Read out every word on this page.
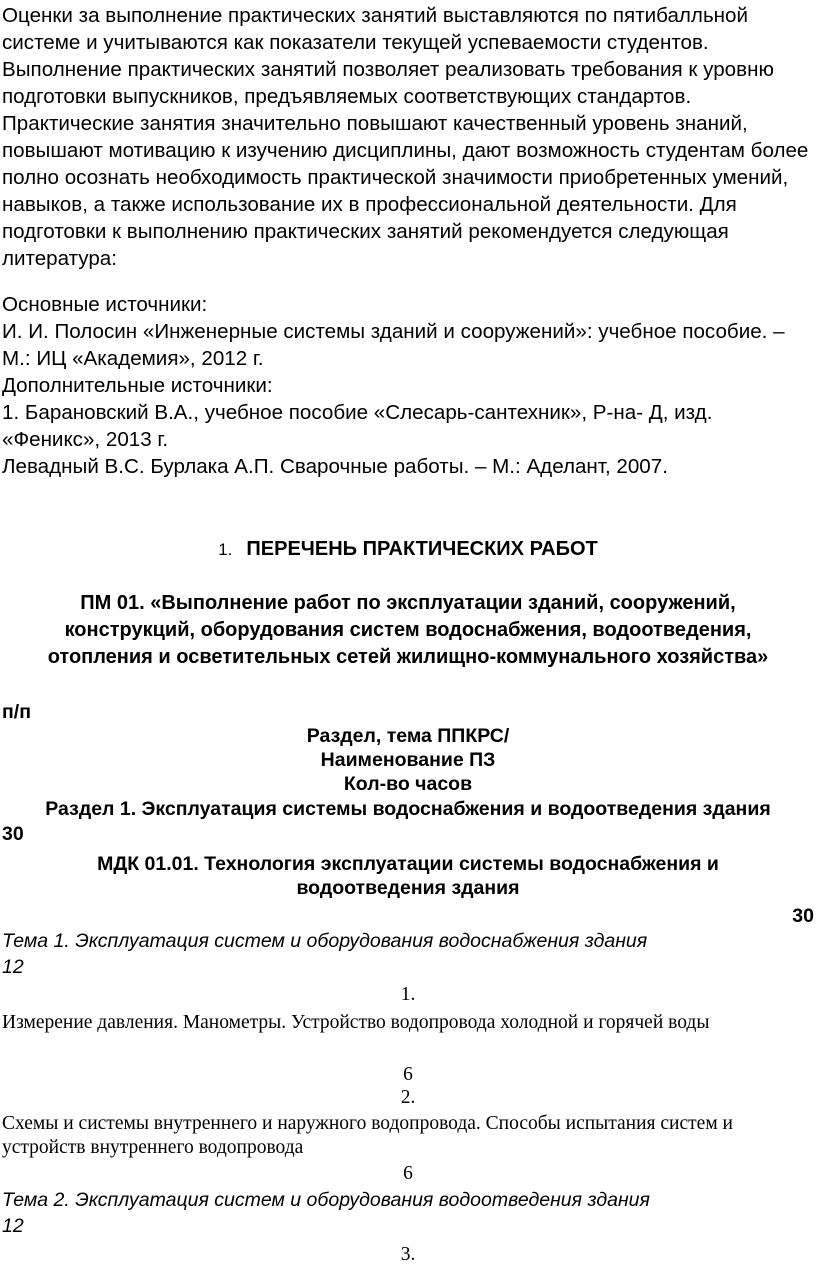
Оценки за выполнение практических занятий выставляются по пятибалльной системе и учитываются как показатели текущей успеваемости студентов. Выполнение практических занятий позволяет реализовать требования к уровню подготовки выпускников, предъявляемых соответствующих стандартов. Практические занятия значительно повышают качественный уровень знаний, повышают мотивацию к изучению дисциплины, дают возможность студентам более полно осознать необходимость практической значимости приобретенных умений, навыков, а также использование их в профессиональной деятельности. Для подготовки к выполнению практических занятий рекомендуется следующая литература:

Основные источники:

И. И. Полосин «Инженерные системы зданий и сооружений»: учебное пособие. – М.: ИЦ «Академия», 2012 г.

Дополнительные источники:

1. Барановский В.А., учебное пособие «Слесарь-сантехник», Р-на- Д, изд. «Феникс», 2013 г.

Левадный В.С. Бурлака А.П. Сварочные работы. – М.: Аделант, 2007.

1. ПЕРЕЧЕНЬ ПРАКТИЧЕСКИХ РАБОТ

ПМ 01. «Выполнение работ по эксплуатации зданий, сооружений, конструкций, оборудования систем водоснабжения, водоотведения, отопления и осветительных сетей жилищно-коммунального хозяйства»

п/п

Раздел, тема ППКРС/

Наименование ПЗ

Кол-во часов

Раздел 1. Эксплуатация системы водоснабжения и водоотведения здания

30

МДК 01.01. Технология эксплуатации системы водоснабжения и водоотведения здания

30

Тема 1. Эксплуатация систем и оборудования водоснабжения здания

12

1.

Измерение давления. Манометры. Устройство водопровода холодной и горячей воды

6

2.

Схемы и системы внутреннего и наружного водопровода. Способы испытания систем и устройств внутреннего водопровода

6

Тема 2. Эксплуатация систем и оборудования водоотведения здания

12

3.
